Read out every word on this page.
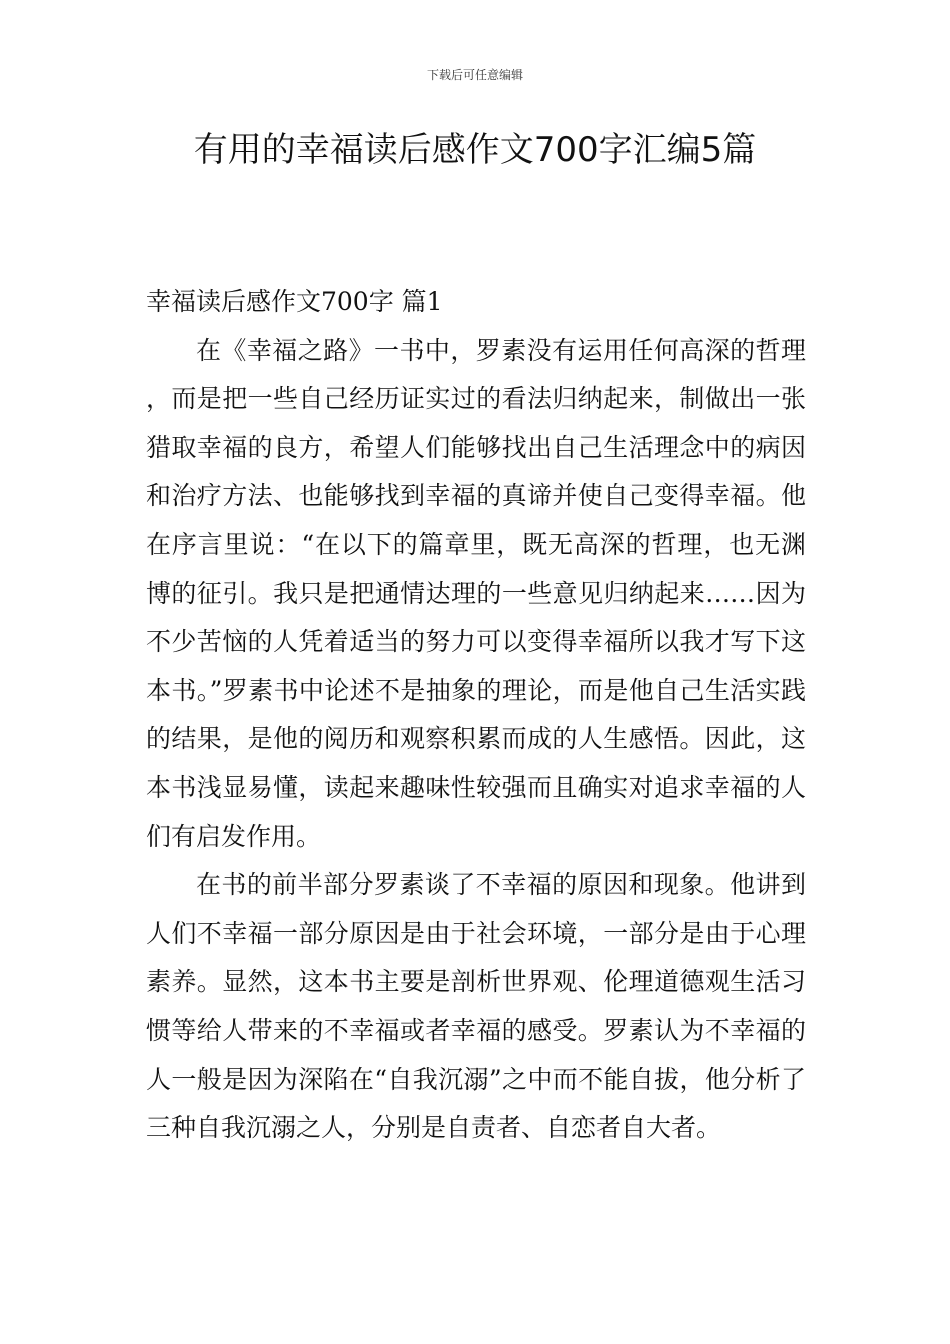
下载后可任意编辑
有用的幸福读后感作文700字汇编5篇
幸福读后感作文700字 篇1

在《幸福之路》一书中，罗素没有运用任何高深的哲理，而是把一些自己经历证实过的看法归纳起来，制做出一张猎取幸福的良方，希望人们能够找出自己生活理念中的病因和治疗方法、也能够找到幸福的真谛并使自己变得幸福。他在序言里说：“在以下的篇章里，既无高深的哲理，也无渊博的征引。我只是把通情达理的一些意见归纳起来……因为不少苦恼的人凭着适当的努力可以变得幸福所以我才写下这本书。”罗素书中论述不是抽象的理论，而是他自己生活实践的结果，是他的阅历和观察积累而成的人生感悟。因此，这本书浅显易懂，读起来趣味性较强而且确实对追求幸福的人们有启发作用。

在书的前半部分罗素谈了不幸福的原因和现象。他讲到人们不幸福一部分原因是由于社会环境，一部分是由于心理素养。显然，这本书主要是剖析世界观、伦理道德观生活习惯等给人带来的不幸福或者幸福的感受。罗素认为不幸福的人一般是因为深陷在“自我沉溺”之中而不能自拔，他分析了三种自我沉溺之人，分别是自责者、自恋者自大者。
